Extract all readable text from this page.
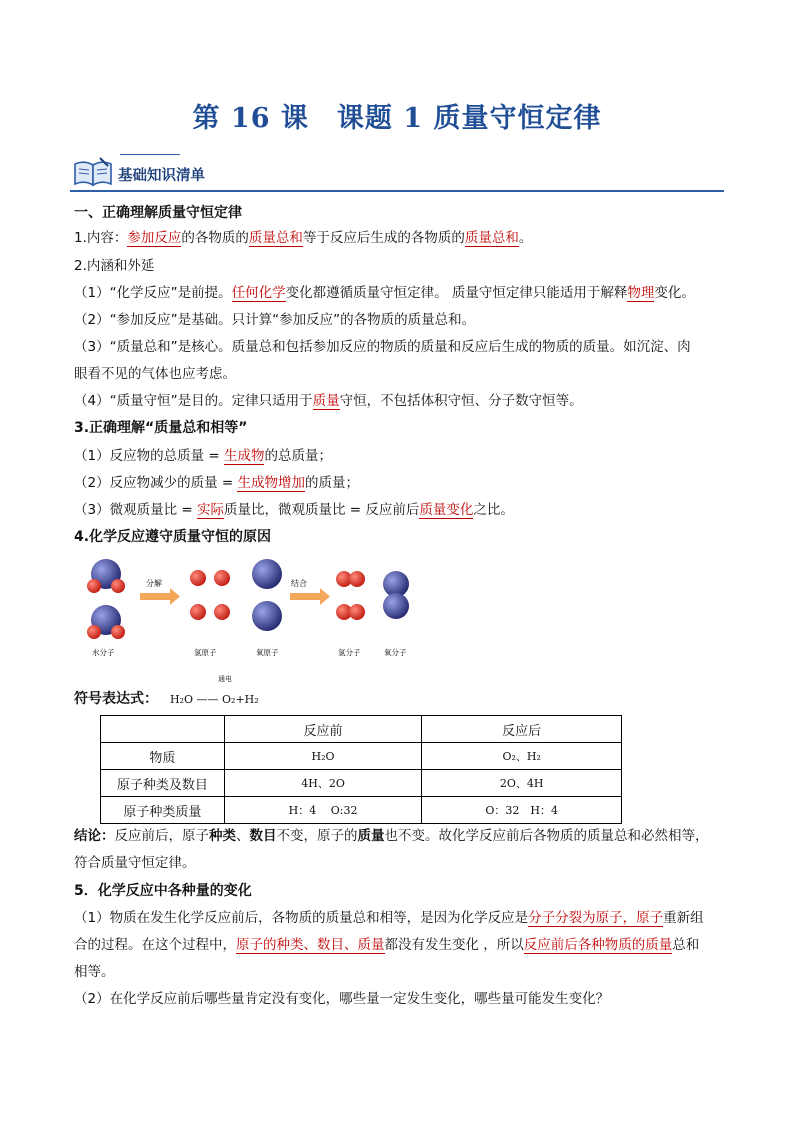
第 16 课　课题 1 质量守恒定律
基础知识清单
一、正确理解质量守恒定律
1.内容：参加反应的各物质的质量总和等于反应后生成的各物质的质量总和。
2.内涵和外延
（1）“化学反应”是前提。任何化学变化都遵循质量守恒定律。 质量守恒定律只能适用于解释物理变化。
（2）“参加反应”是基础。只计算“参加反应”的各物质的质量总和。
（3）“质量总和”是核心。质量总和包括参加反应的物质的质量和反应后生成的物质的质量。如沉淀、肉
眼看不见的气体也应考虑。
（4）“质量守恒”是目的。定律只适用于质量守恒，不包括体积守恒、分子数守恒等。
3.正确理解“质量总和相等”
（1）反应物的总质量 = 生成物的总质量；
（2）反应物减少的质量 = 生成物增加的质量；
（3）微观质量比 = 实际质量比，微观质量比 = 反应前后质量变化之比。
4.化学反应遵守质量守恒的原因
分解	结合
水分子	氢原子	氧原子	氢分子	氧分子
通电
符号表达式： H₂O —— O₂+H₂
	反应前	反应后
物质	H₂O	O₂、H₂
原子种类及数目	4H、2O	2O、4H
原子种类质量	H：4　 O:32	O：32　H：4
结论：反应前后，原子种类、数目不变，原子的质量也不变。故化学反应前后各物质的质量总和必然相等，
符合质量守恒定律。
5．化学反应中各种量的变化
（1）物质在发生化学反应前后，各物质的质量总和相等，是因为化学反应是分子分裂为原子，原子重新组
合的过程。在这个过程中，原子的种类、数目、质量都没有发生变化 ，所以反应前后各种物质的质量总和
相等。
（2）在化学反应前后哪些量肯定没有变化，哪些量一定发生变化，哪些量可能发生变化？
